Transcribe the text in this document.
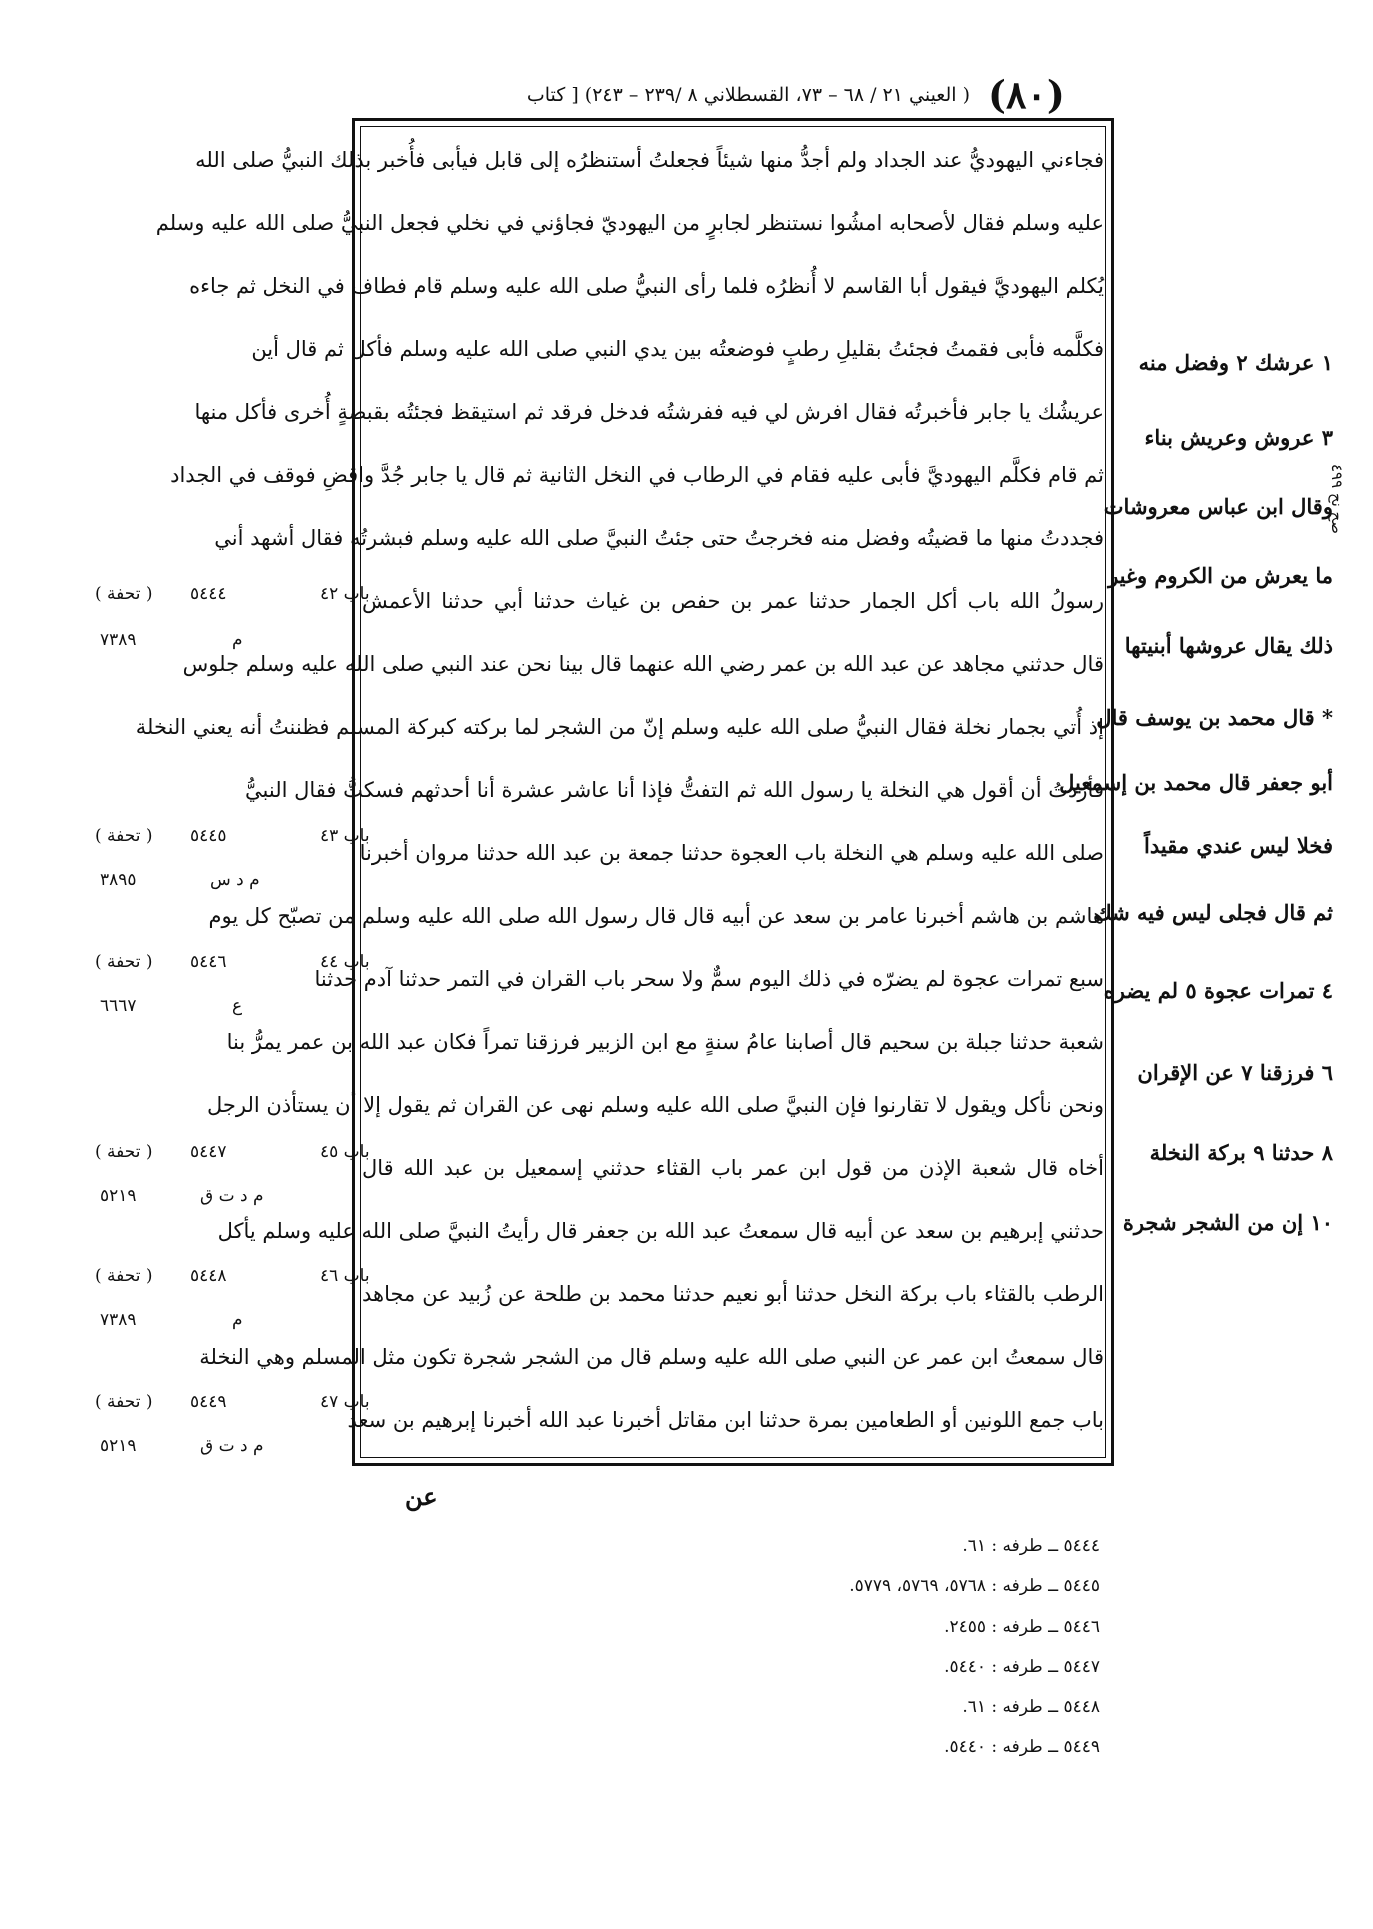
(٨٠)
( العيني ٢١ / ٦٨ – ٧٣، القسطلاني ٨ /٢٣٩ – ٢٤٣) [ كتاب
فجاءني اليهوديُّ عند الجداد ولم أجدُّ منها شيئاً فجعلتُ أستنظرُه إلى قابل فيأبى فأُخبر بذلك النبيُّ صلى الله
عليه وسلم فقال لأصحابه امشُوا نستنظر لجابرٍ من اليهوديّ فجاؤني في نخلي فجعل النبيُّ صلى الله عليه وسلم
يُكلم اليهوديَّ فيقول أبا القاسم لا أُنظرُه فلما رأى النبيُّ صلى الله عليه وسلم قام فطاف في النخل ثم جاءه
فكلَّمه فأبى فقمتُ فجئتُ بقليلِ رطبٍ فوضعتُه بين يدي النبي صلى الله عليه وسلم فأكل ثم قال أين
عريشُك يا جابر فأخبرتُه فقال افرش لي فيه ففرشتُه فدخل فرقد ثم استيقظ فجئتُه بقبضةٍ أُخرى فأكل منها
ثم قام فكلَّم اليهوديَّ فأبى عليه فقام في الرطاب في النخل الثانية ثم قال يا جابر جُدَّ واقضِ فوقف في الجداد
فجددتُ منها ما قضيتُه وفضل منه فخرجتُ حتى جئتُ النبيَّ صلى الله عليه وسلم فبشرتُه فقال أشهد أني
رسولُ الله باب أكل الجمار حدثنا عمر بن حفص بن غياث حدثنا أبي حدثنا الأعمش
قال حدثني مجاهد عن عبد الله بن عمر رضي الله عنهما قال بينا نحن عند النبي صلى الله عليه وسلم جلوس
إذ أُتي بجمار نخلة فقال النبيُّ صلى الله عليه وسلم إنّ من الشجر لما بركته كبركة المسلم فظننتُ أنه يعني النخلة
فأردتُ أن أقول هي النخلة يا رسول الله ثم التفتُّ فإذا أنا عاشر عشرة أنا أحدثهم فسكتُّ فقال النبيُّ
صلى الله عليه وسلم هي النخلة باب العجوة حدثنا جمعة بن عبد الله حدثنا مروان أخبرنا
هاشم بن هاشم أخبرنا عامر بن سعد عن أبيه قال قال رسول الله صلى الله عليه وسلم من تصبّح كل يوم
سبع تمرات عجوة لم يضرّه في ذلك اليوم سمٌّ ولا سحر باب القران في التمر حدثنا آدم حدثنا
شعبة حدثنا جبلة بن سحيم قال أصابنا عامُ سنةٍ مع ابن الزبير فرزقنا تمراً فكان عبد الله بن عمر يمرُّ بنا
ونحن نأكل ويقول لا تقارنوا فإن النبيَّ صلى الله عليه وسلم نهى عن القران ثم يقول إلا أن يستأذن الرجل
أخاه قال شعبة الإذن من قول ابن عمر باب القثاء حدثني إسمعيل بن عبد الله قال
حدثني إبرهيم بن سعد عن أبيه قال سمعتُ عبد الله بن جعفر قال رأيتُ النبيَّ صلى الله عليه وسلم يأكل
الرطب بالقثاء باب بركة النخل حدثنا أبو نعيم حدثنا محمد بن طلحة عن زُبيد عن مجاهد
قال سمعتُ ابن عمر عن النبي صلى الله عليه وسلم قال من الشجر شجرة تكون مثل المسلم وهي النخلة
باب جمع اللونين أو الطعامين بمرة حدثنا ابن مقاتل أخبرنا عبد الله أخبرنا إبرهيم بن سعد
١ عرشك ٢ وفضل منه
٣ عروش وعريش بناء
وقال ابن عباس معروشات
ما يعرش من الكروم وغير
ذلك يقال عروشها أبنيتها
* قال محمد بن يوسف قال
أبو جعفر قال محمد بن إسمعيل
فخلا ليس عندي مقيداً
ثم قال فجلى ليس فيه شك
٤ تمرات عجوة ٥ لم يضره
٦ فرزقنا ٧ عن الإقران
٨ حدثنا ٩ بركة النخلة
١٠ إن من الشجر شجرة
صح نح ٤٩٩
باب ٤٢
٥٤٤٤
( تحفة )
م
٧٣٨٩
باب ٤٣
٥٤٤٥
( تحفة )
م د س
٣٨٩٥
باب ٤٤
٥٤٤٦
( تحفة )
ع
٦٦٦٧
باب ٤٥
٥٤٤٧
( تحفة )
م د ت ق
٥٢١٩
باب ٤٦
٥٤٤٨
( تحفة )
م
٧٣٨٩
باب ٤٧
٥٤٤٩
( تحفة )
م د ت ق
٥٢١٩
عن
٥٤٤٤ ــ طرفه : ٦١.
٥٤٤٥ ــ طرفه : ٥٧٦٨، ٥٧٦٩، ٥٧٧٩.
٥٤٤٦ ــ طرفه : ٢٤٥٥.
٥٤٤٧ ــ طرفه : ٥٤٤٠.
٥٤٤٨ ــ طرفه : ٦١.
٥٤٤٩ ــ طرفه : ٥٤٤٠.
